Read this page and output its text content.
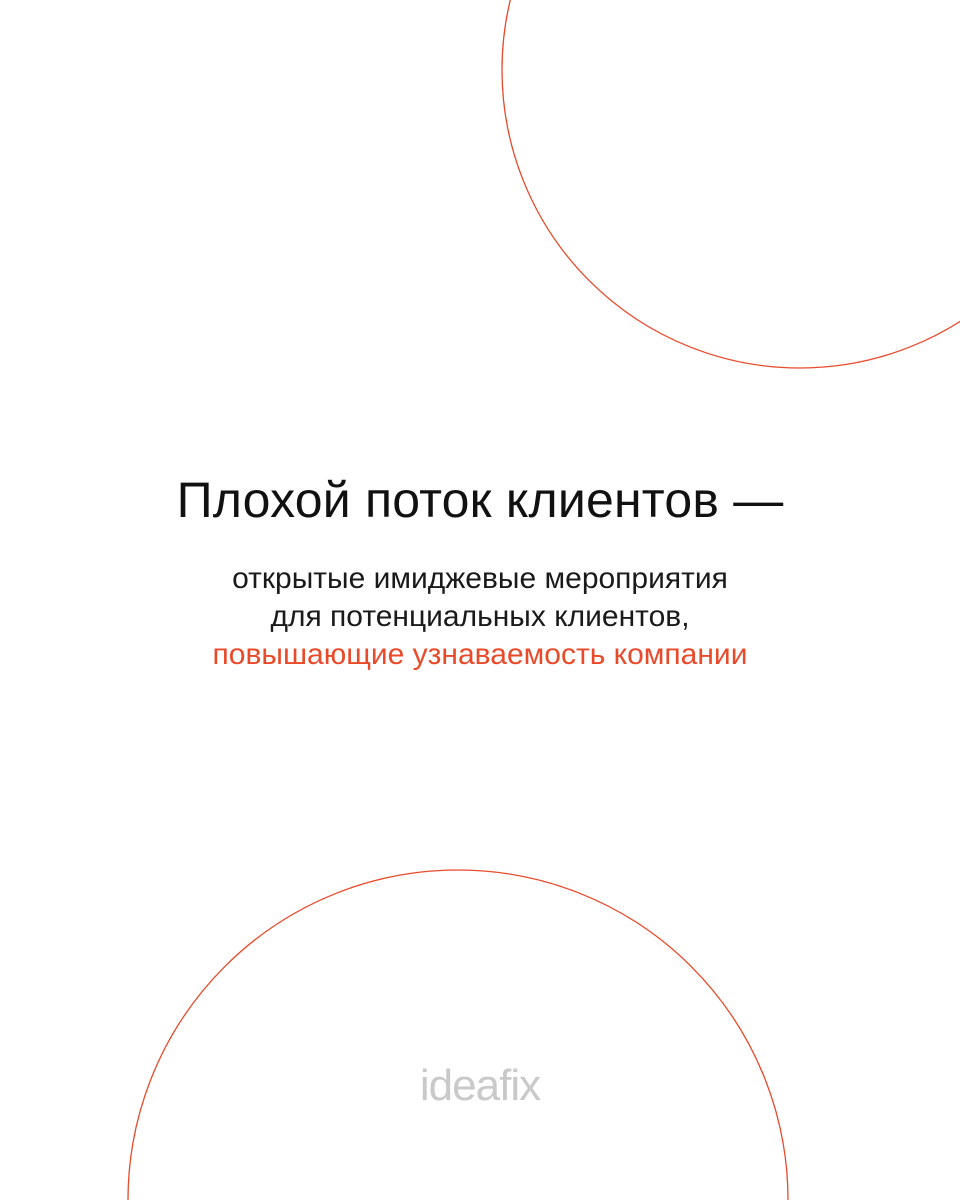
Плохой поток клиентов —
открытые имиджевые мероприятия
для потенциальных клиентов,
повышающие узнаваемость компании
ideafix
